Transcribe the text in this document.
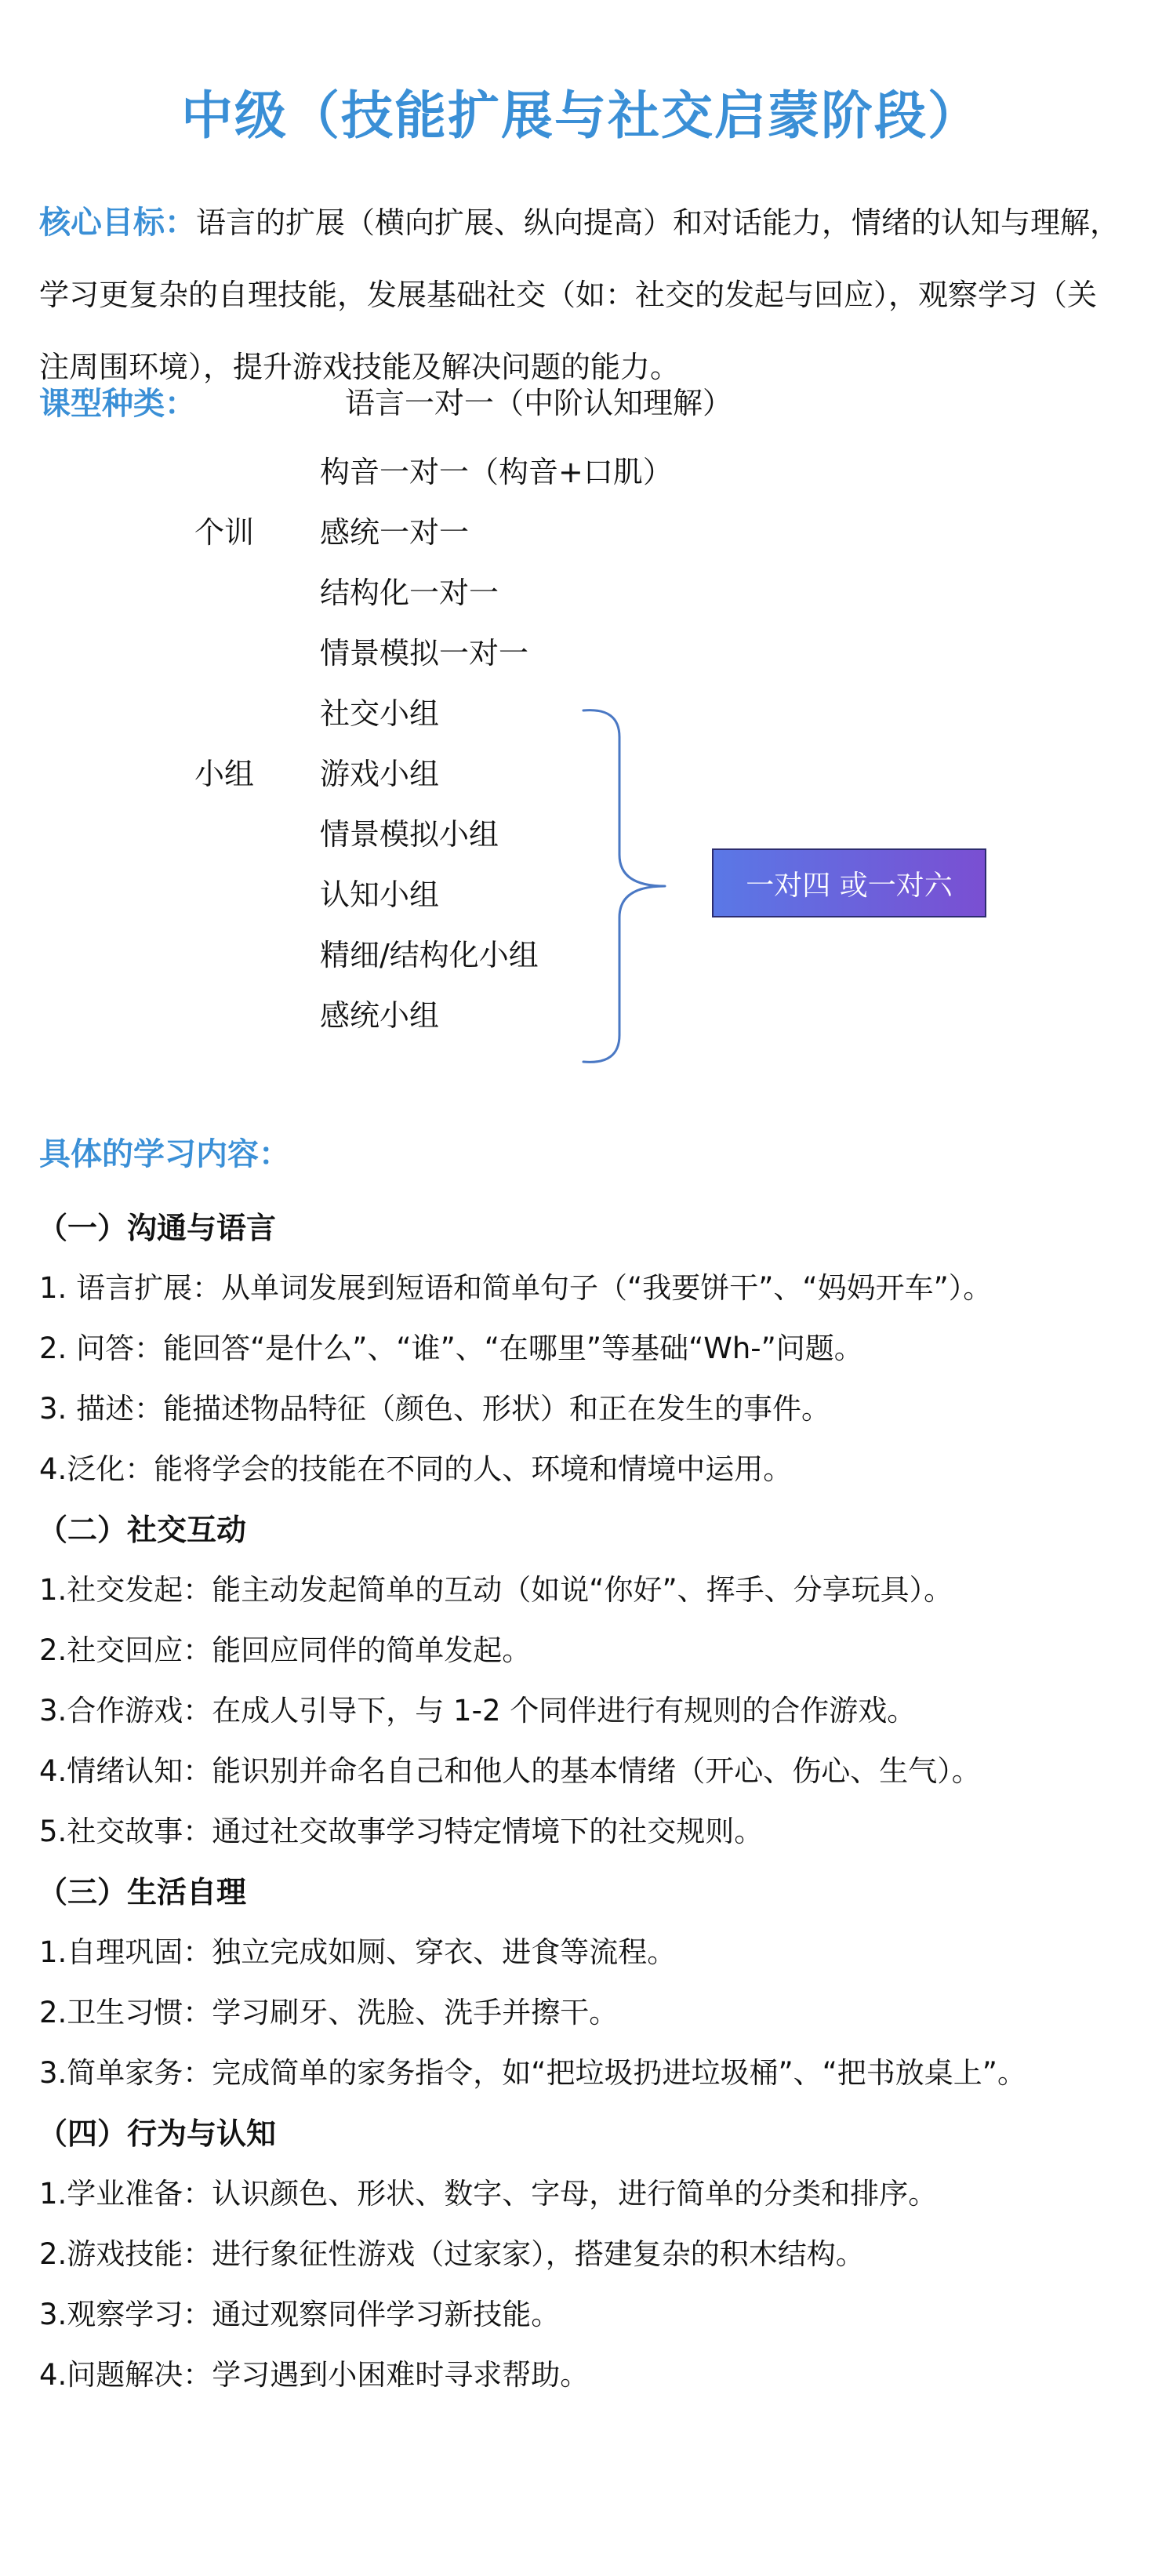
中级（技能扩展与社交启蒙阶段）
核心目标：语言的扩展（横向扩展、纵向提高）和对话能力，情绪的认知与理解，学习更复杂的自理技能，发展基础社交（如：社交的发起与回应），观察学习（关注周围环境），提升游戏技能及解决问题的能力。
课型种类：	语言一对一（中阶认知理解）
构音一对一（构音+口肌）
个训 感统一对一
结构化一对一
情景模拟一对一
社交小组
小组 游戏小组
情景模拟小组
认知小组
精细/结构化小组
感统小组
一对四 或一对六
具体的学习内容：
（一）沟通与语言
1. 语言扩展：从单词发展到短语和简单句子（“我要饼干”、“妈妈开车”）。
2. 问答：能回答“是什么”、“谁”、“在哪里”等基础“Wh-”问题。
3. 描述：能描述物品特征（颜色、形状）和正在发生的事件。
4.泛化：能将学会的技能在不同的人、环境和情境中运用。
（二）社交互动
1.社交发起：能主动发起简单的互动（如说“你好”、挥手、分享玩具）。
2.社交回应：能回应同伴的简单发起。
3.合作游戏：在成人引导下，与 1-2 个同伴进行有规则的合作游戏。
4.情绪认知：能识别并命名自己和他人的基本情绪（开心、伤心、生气）。
5.社交故事：通过社交故事学习特定情境下的社交规则。
（三）生活自理
1.自理巩固：独立完成如厕、穿衣、进食等流程。
2.卫生习惯：学习刷牙、洗脸、洗手并擦干。
3.简单家务：完成简单的家务指令，如“把垃圾扔进垃圾桶”、“把书放桌上”。
（四）行为与认知
1.学业准备：认识颜色、形状、数字、字母，进行简单的分类和排序。
2.游戏技能：进行象征性游戏（过家家），搭建复杂的积木结构。
3.观察学习：通过观察同伴学习新技能。
4.问题解决：学习遇到小困难时寻求帮助。
